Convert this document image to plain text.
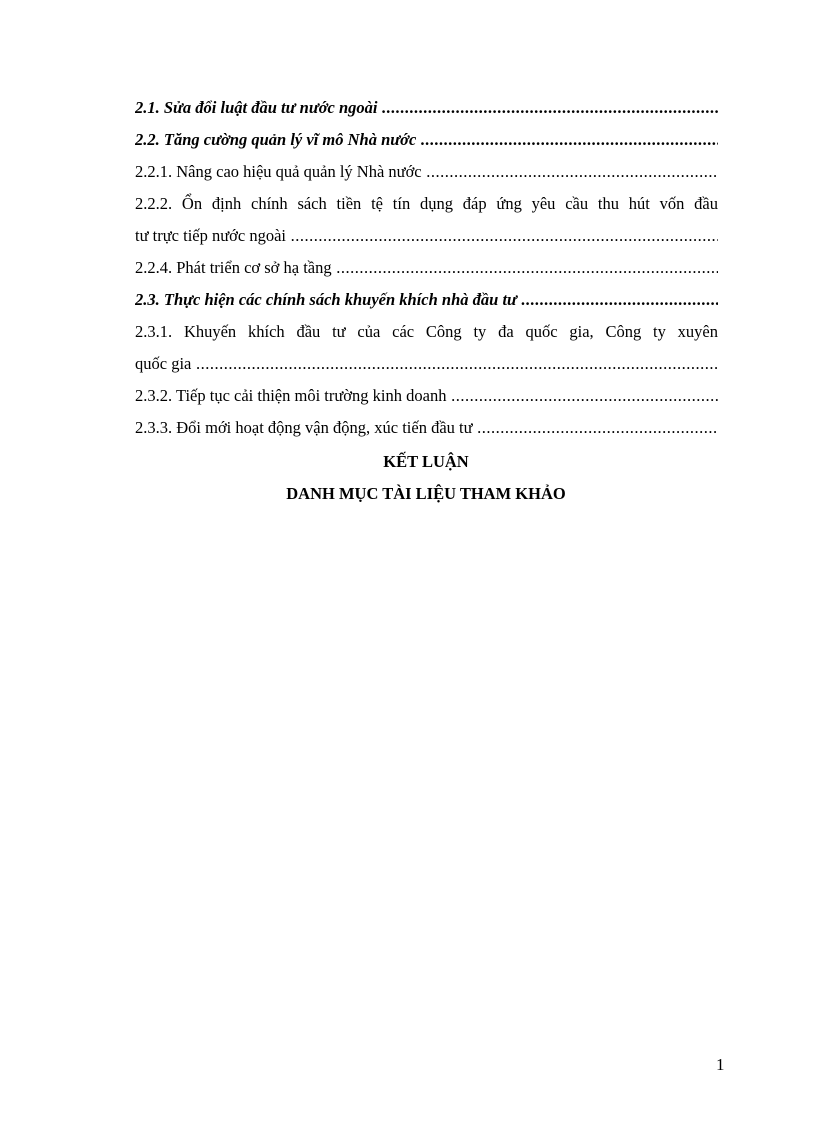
2.1. Sửa đổi luật đầu tư nước ngoài .....
2.2. Tăng cường quản lý vĩ mô Nhà nước .....
2.2.1. Nâng cao hiệu quả quản lý Nhà nước .....
2.2.2. Ổn định chính sách tiền tệ tín dụng đáp ứng yêu cầu thu hút vốn đầu
tư trực tiếp nước ngoài .....
2.2.4. Phát triển cơ sở hạ tầng .....
2.3. Thực hiện các chính sách khuyến khích nhà đầu tư .....
2.3.1. Khuyến khích đầu tư của các Công ty đa quốc gia, Công ty xuyên
quốc gia .....
2.3.2. Tiếp tục cải thiện môi trường kinh doanh .....
2.3.3. Đổi mới hoạt động vận động, xúc tiến đầu tư .....
KẾT LUẬN
DANH MỤC TÀI LIỆU THAM KHẢO
1
